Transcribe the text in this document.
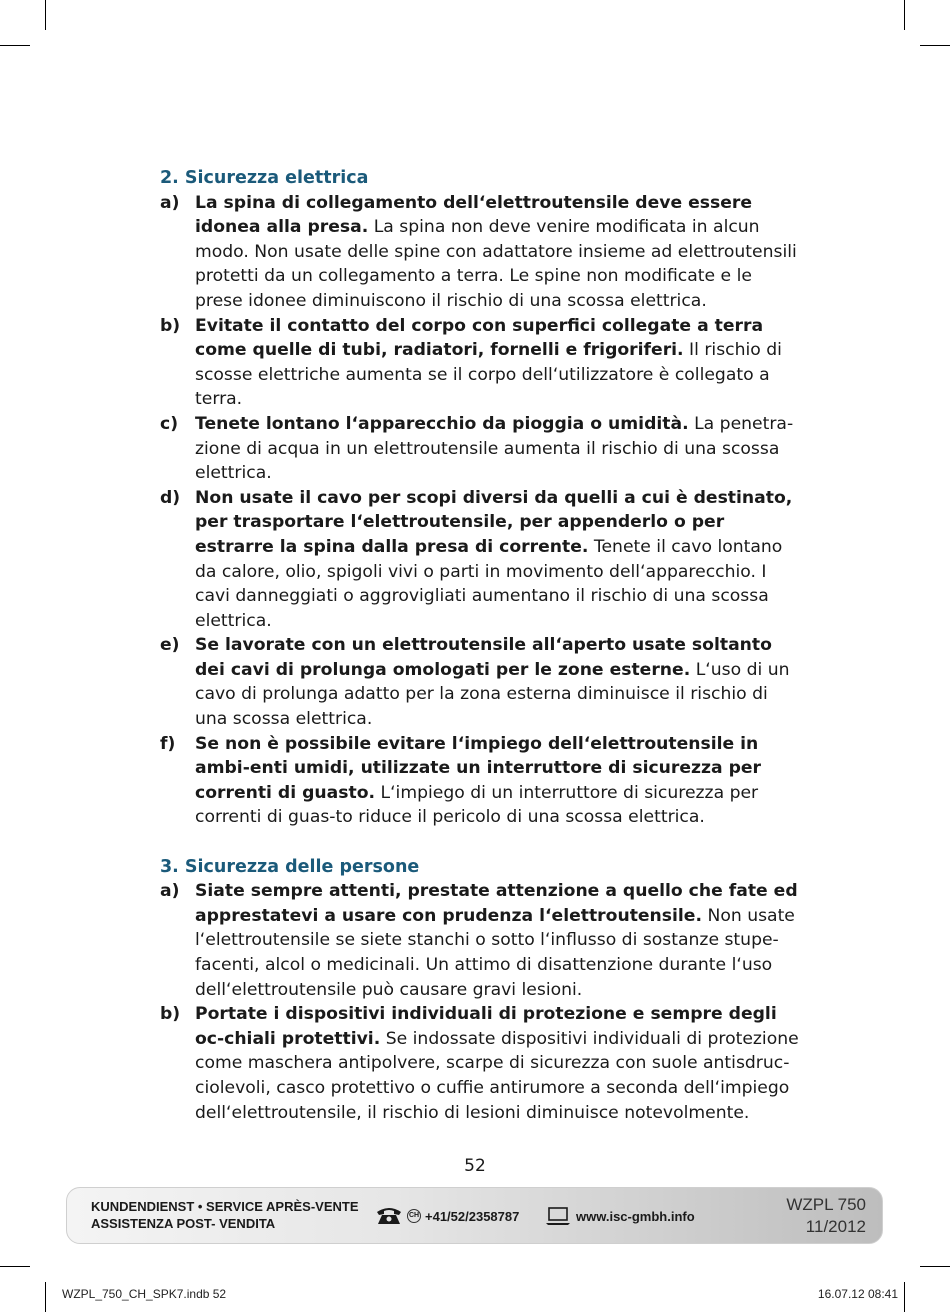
2. Sicurezza elettrica
a) La spina di collegamento dell‘elettroutensile deve essere idonea alla presa. La spina non deve venire modificata in alcun modo. Non usate delle spine con adattatore insieme ad elettroutensili protetti da un collegamento a terra. Le spine non modificate e le prese idonee diminuiscono il rischio di una scossa elettrica.
b) Evitate il contatto del corpo con superfici collegate a terra come quelle di tubi, radiatori, fornelli e frigoriferi. Il rischio di scosse elettriche aumenta se il corpo dell‘utilizzatore è collegato a terra.
c) Tenete lontano l‘apparecchio da pioggia o umidità. La penetra-zione di acqua in un elettroutensile aumenta il rischio di una scossa elettrica.
d) Non usate il cavo per scopi diversi da quelli a cui è destinato, per trasportare l‘elettroutensile, per appenderlo o per estrarre la spina dalla presa di corrente. Tenete il cavo lontano da calore, olio, spigoli vivi o parti in movimento dell‘apparecchio. I cavi danneggiati o aggrovigliati aumentano il rischio di una scossa elettrica.
e) Se lavorate con un elettroutensile all‘aperto usate soltanto dei cavi di prolunga omologati per le zone esterne. L‘uso di un cavo di prolunga adatto per la zona esterna diminuisce il rischio di una scossa elettrica.
f) Se non è possibile evitare l‘impiego dell‘elettroutensile in ambi-enti umidi, utilizzate un interruttore di sicurezza per correnti di guasto. L‘impiego di un interruttore di sicurezza per correnti di guas-to riduce il pericolo di una scossa elettrica.
3. Sicurezza delle persone
a) Siate sempre attenti, prestate attenzione a quello che fate ed apprestatevi a usare con prudenza l‘elettroutensile. Non usate l‘elettroutensile se siete stanchi o sotto l‘influsso di sostanze stupe-facenti, alcol o medicinali. Un attimo di disattenzione durante l‘uso dell‘elettroutensile può causare gravi lesioni.
b) Portate i dispositivi individuali di protezione e sempre degli oc-chiali protettivi. Se indossate dispositivi individuali di protezione come maschera antipolvere, scarpe di sicurezza con suole antisdruc-ciolevoli, casco protettivo o cuffie antirumore a seconda dell‘impiego dell‘elettroutensile, il rischio di lesioni diminuisce notevolmente.
52
KUNDENDIENST • SERVICE APRÈS-VENTE
ASSISTENZA POST- VENDITA
CH +41/52/2358787	www.isc-gmbh.info
WZPL 750
11/2012
WZPL_750_CH_SPK7.indb 52	16.07.12 08:41
